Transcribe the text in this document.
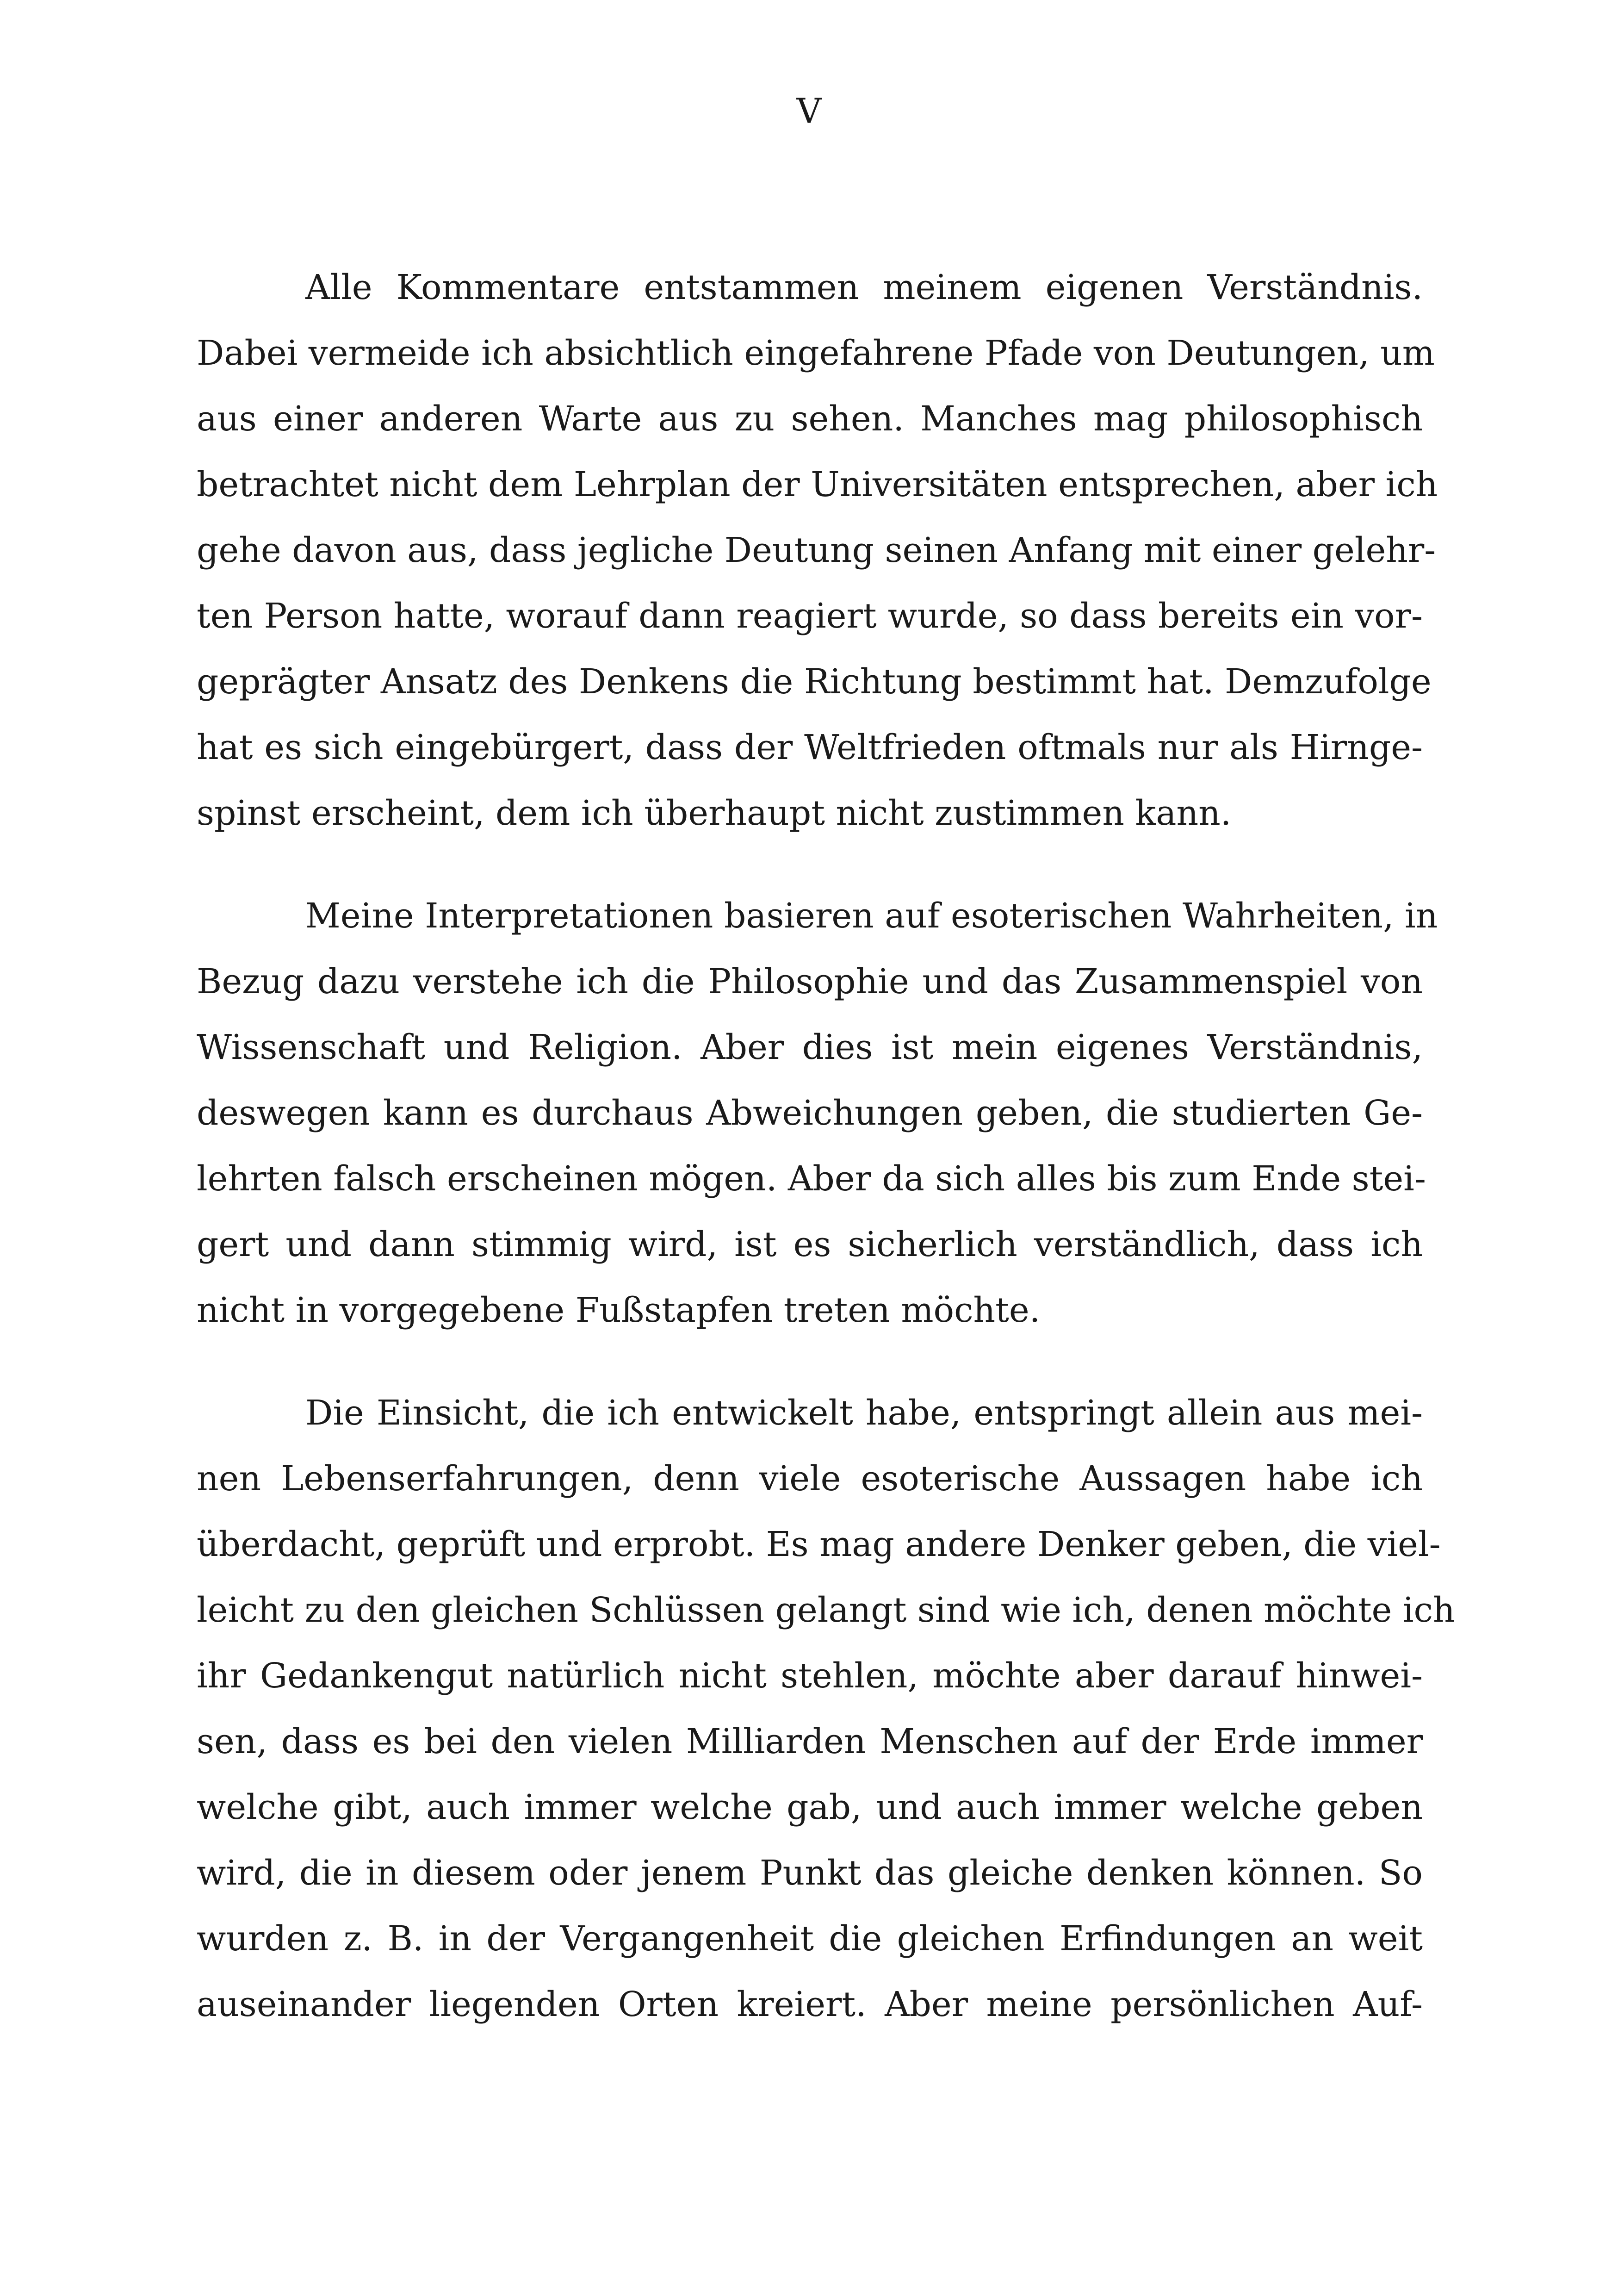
V
Alle Kommentare entstammen meinem eigenen Verständnis.
Dabei vermeide ich absichtlich eingefahrene Pfade von Deutungen, um
aus einer anderen Warte aus zu sehen. Manches mag philosophisch
betrachtet nicht dem Lehrplan der Universitäten entsprechen, aber ich
gehe davon aus, dass jegliche Deutung seinen Anfang mit einer gelehr-
ten Person hatte, worauf dann reagiert wurde, so dass bereits ein vor-
geprägter Ansatz des Denkens die Richtung bestimmt hat. Demzufolge
hat es sich eingebürgert, dass der Weltfrieden oftmals nur als Hirnge-
spinst erscheint, dem ich überhaupt nicht zustimmen kann.
Meine Interpretationen basieren auf esoterischen Wahrheiten, in
Bezug dazu verstehe ich die Philosophie und das Zusammenspiel von
Wissenschaft und Religion. Aber dies ist mein eigenes Verständnis,
deswegen kann es durchaus Abweichungen geben, die studierten Ge-
lehrten falsch erscheinen mögen. Aber da sich alles bis zum Ende stei-
gert und dann stimmig wird, ist es sicherlich verständlich, dass ich
nicht in vorgegebene Fußstapfen treten möchte.
Die Einsicht, die ich entwickelt habe, entspringt allein aus mei-
nen Lebenserfahrungen, denn viele esoterische Aussagen habe ich
überdacht, geprüft und erprobt. Es mag andere Denker geben, die viel-
leicht zu den gleichen Schlüssen gelangt sind wie ich, denen möchte ich
ihr Gedankengut natürlich nicht stehlen, möchte aber darauf hinwei-
sen, dass es bei den vielen Milliarden Menschen auf der Erde immer
welche gibt, auch immer welche gab, und auch immer welche geben
wird, die in diesem oder jenem Punkt das gleiche denken können. So
wurden z. B. in der Vergangenheit die gleichen Erfindungen an weit
auseinander liegenden Orten kreiert. Aber meine persönlichen Auf-
